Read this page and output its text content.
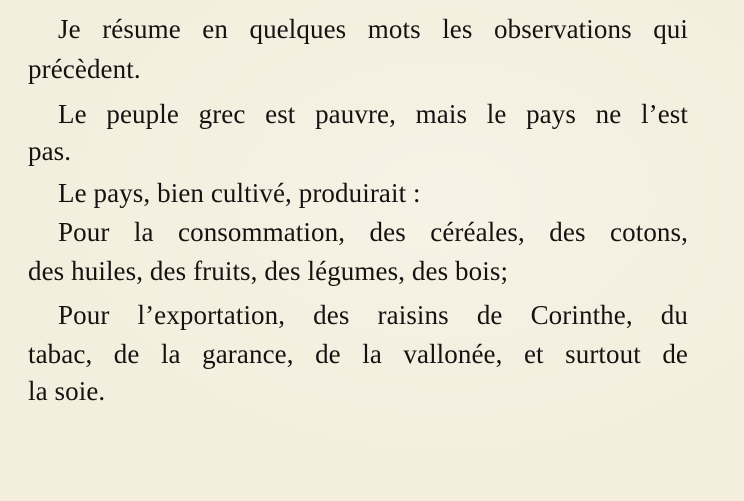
Je résume en quelques mots les observations qui
précèdent.
Le peuple grec est pauvre, mais le pays ne l’est
pas.
Le pays, bien cultivé, produirait :
Pour la consommation, des céréales, des cotons,
des huiles, des fruits, des légumes, des bois;
Pour l’exportation, des raisins de Corinthe, du
tabac, de la garance, de la vallonée, et surtout de
la soie.
